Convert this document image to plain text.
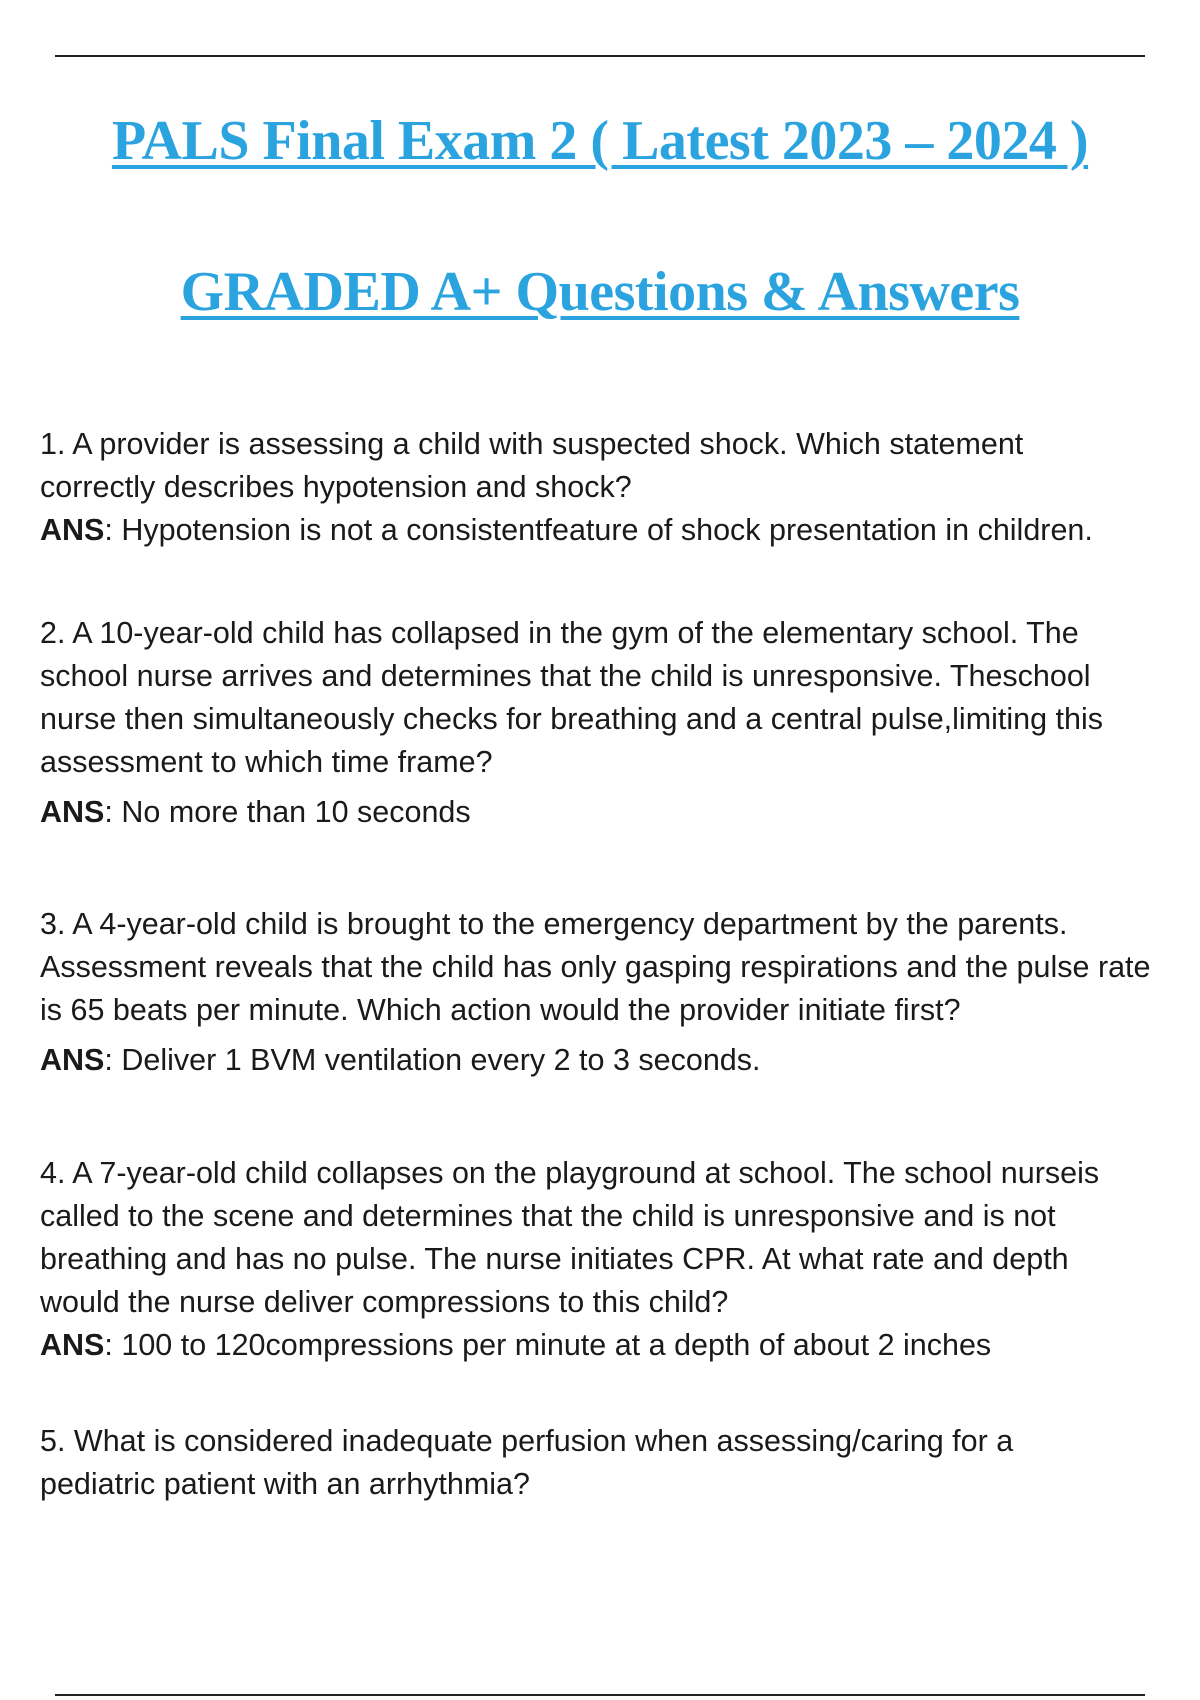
PALS Final Exam 2 ( Latest 2023 – 2024 )
GRADED A+ Questions & Answers

1. A provider is assessing a child with suspected shock. Which statement correctly describes hypotension and shock?

ANS: Hypotension is not a consistentfeature of shock presentation in children.

2. A 10-year-old child has collapsed in the gym of the elementary school. The school nurse arrives and determines that the child is unresponsive. Theschool nurse then simultaneously checks for breathing and a central pulse,limiting this assessment to which time frame?

ANS: No more than 10 seconds

3. A 4-year-old child is brought to the emergency department by the parents. Assessment reveals that the child has only gasping respirations and the pulse rate is 65 beats per minute. Which action would the provider initiate first?

ANS: Deliver 1 BVM ventilation every 2 to 3 seconds.

4. A 7-year-old child collapses on the playground at school. The school nurseis called to the scene and determines that the child is unresponsive and is not breathing and has no pulse. The nurse initiates CPR. At what rate and depth would the nurse deliver compressions to this child?

ANS: 100 to 120compressions per minute at a depth of about 2 inches

5. What is considered inadequate perfusion when assessing/caring for a pediatric patient with an arrhythmia?
